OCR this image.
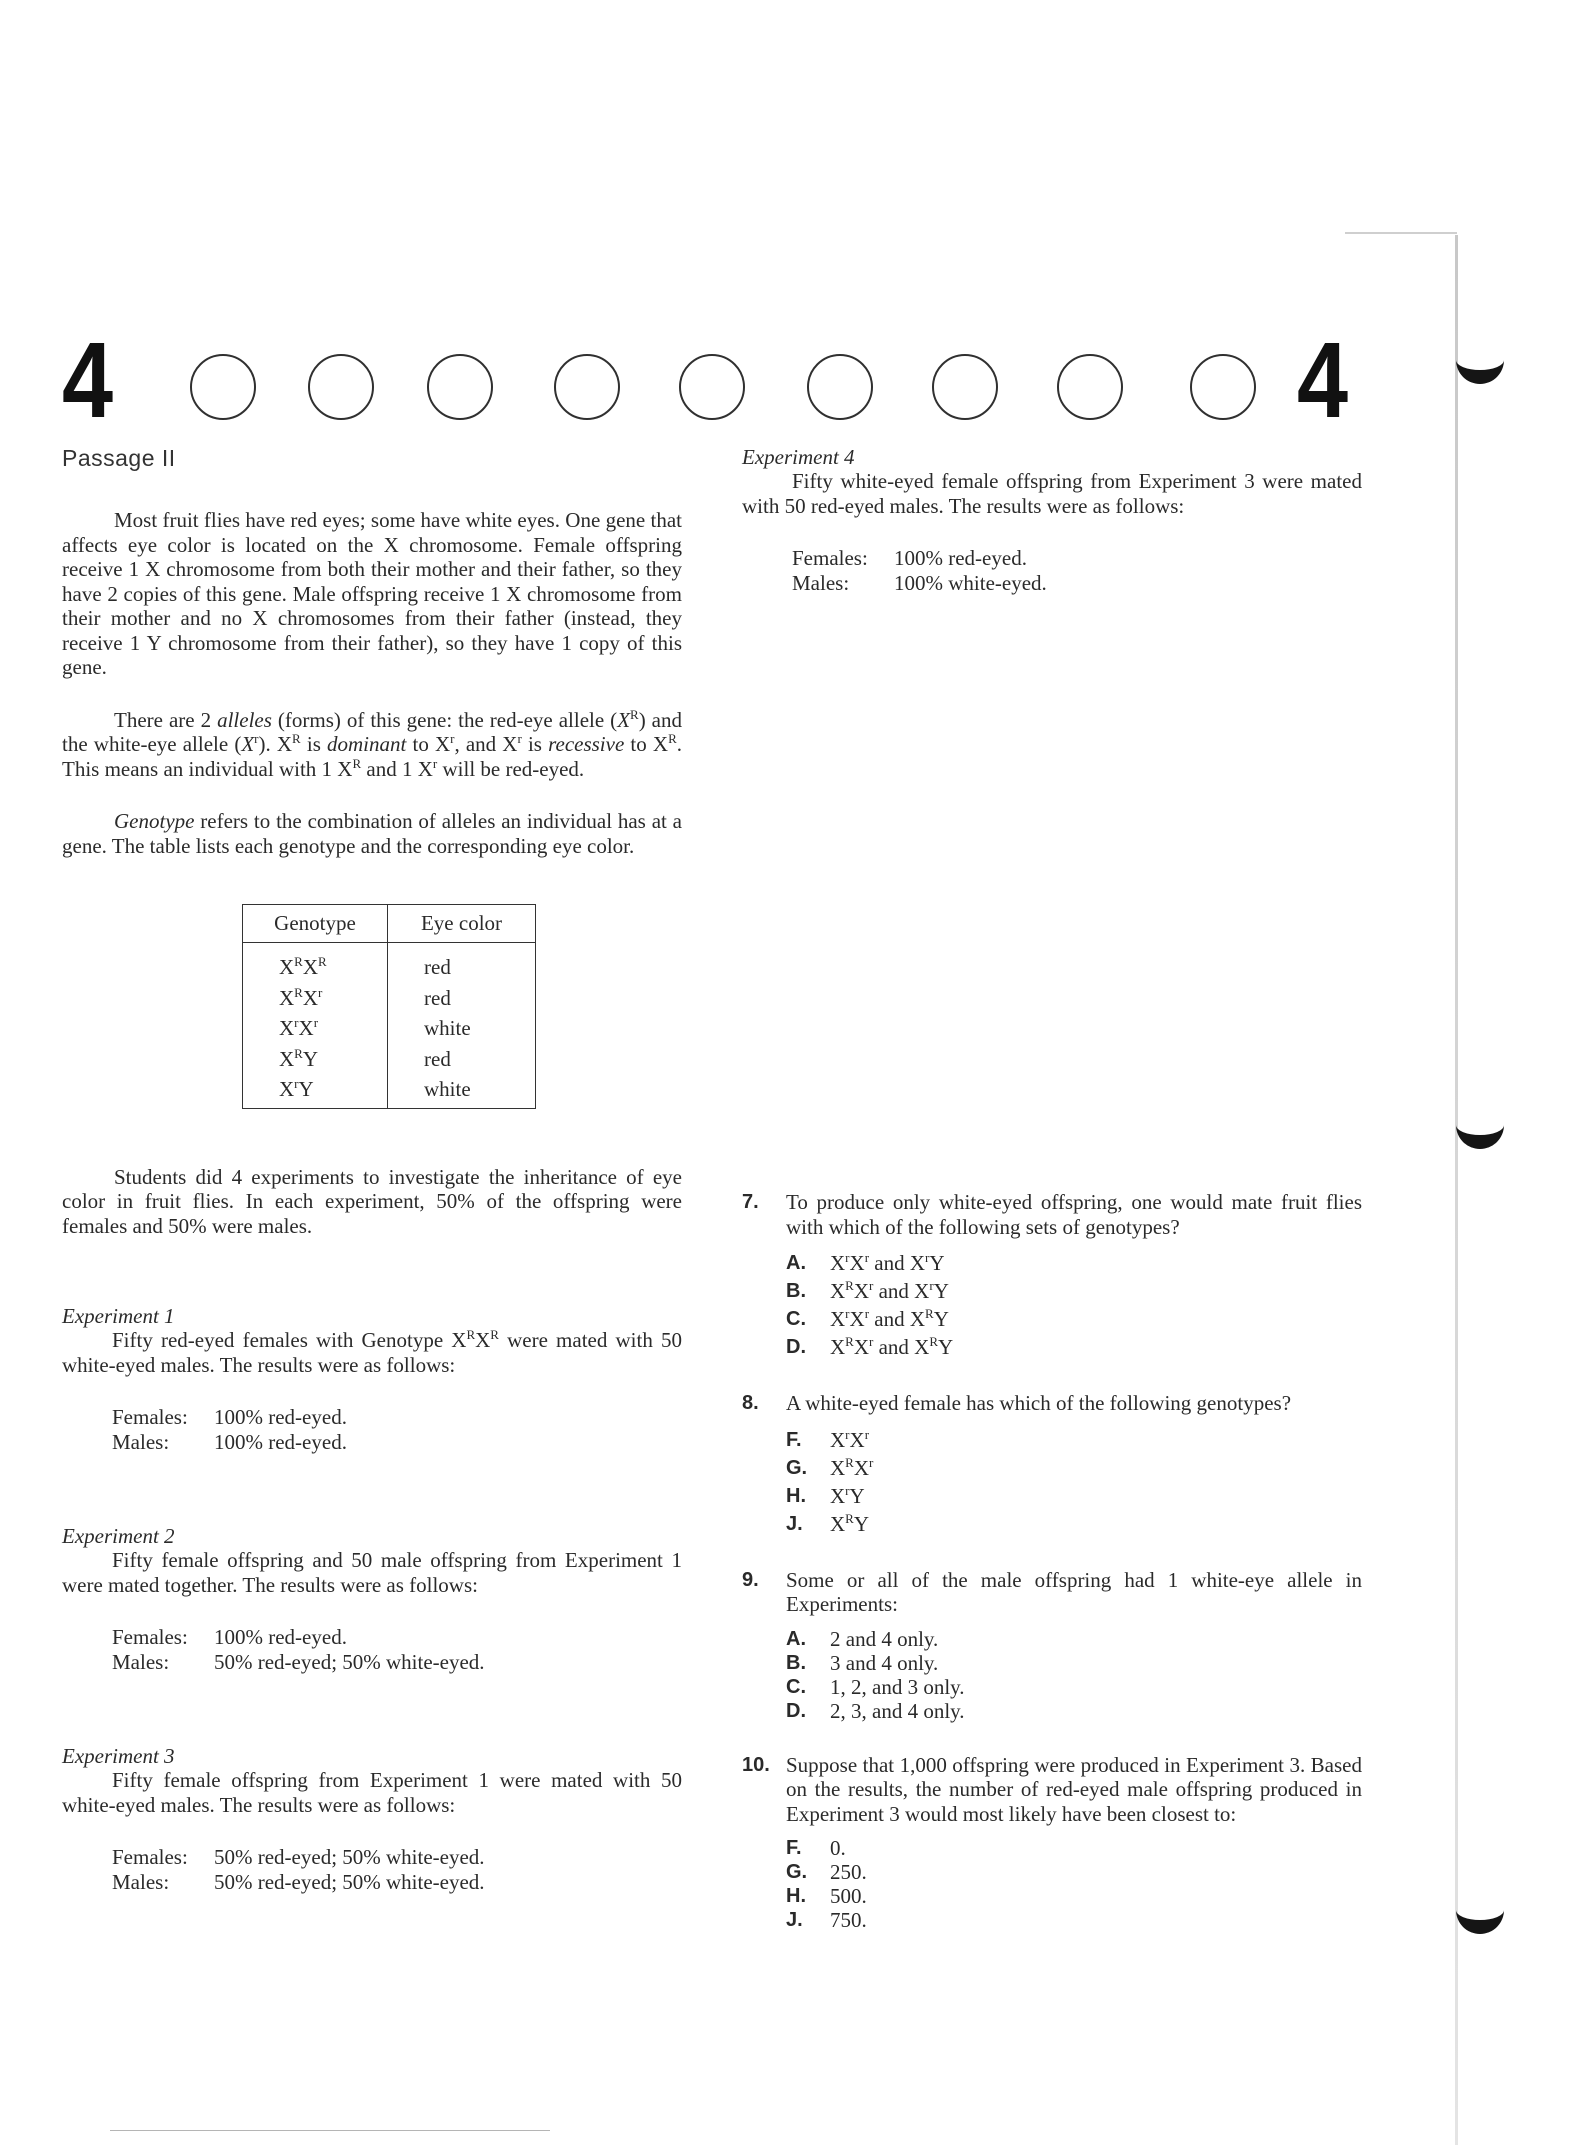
4	4
Passage II

Most fruit flies have red eyes; some have white eyes. One gene that affects eye color is located on the X chromosome. Female offspring receive 1 X chromosome from both their mother and their father, so they have 2 copies of this gene. Male offspring receive 1 X chromosome from their mother and no X chromosomes from their father (instead, they receive 1 Y chromosome from their father), so they have 1 copy of this gene.

There are 2 alleles (forms) of this gene: the red-eye allele $(X^R)$ and the white-eye allele $(X^r)$. $X^R$ is dominant to $X^r$, and $X^r$ is recessive to $X^R$. This means an individual with 1 $X^R$ and 1 $X^r$ will be red-eyed.

Genotype refers to the combination of alleles an individual has at a gene. The table lists each genotype and the corresponding eye color.

Genotype	Eye color
$X^RX^R$	red
$X^RX^r$	red
$X^rX^r$	white
$X^RY$	red
$X^rY$	white

Students did 4 experiments to investigate the inheritance of eye color in fruit flies. In each experiment, 50% of the offspring were females and 50% were males.

Experiment 1

Fifty red-eyed females with Genotype $X^RX^R$ were mated with 50 white-eyed males. The results were as follows:

Females: 100% red-eyed.
Males: 100% red-eyed.
Experiment 2

Fifty female offspring and 50 male offspring from Experiment 1 were mated together. The results were as follows:

Females: 100% red-eyed.
Males: 50% red-eyed; 50% white-eyed.
Experiment 3

Fifty female offspring from Experiment 1 were mated with 50 white-eyed males. The results were as follows:

Females: 50% red-eyed; 50% white-eyed.
Males: 50% red-eyed; 50% white-eyed.
Experiment 4

Fifty white-eyed female offspring from Experiment 3 were mated with 50 red-eyed males. The results were as follows:

Females: 100% red-eyed.
Males: 100% white-eyed.
7. To produce only white-eyed offspring, one would mate fruit flies with which of the following sets of genotypes?
A. $X^rX^r$ and $X^rY$
B. $X^RX^r$ and $X^rY$
C. $X^rX^r$ and $X^RY$
D. $X^RX^r$ and $X^RY$
8. A white-eyed female has which of the following genotypes?
F. $X^rX^r$
G. $X^RX^r$
H. $X^rY$
J. $X^RY$
9. Some or all of the male offspring had 1 white-eye allele in Experiments:
A. 2 and 4 only.
B. 3 and 4 only.
C. 1, 2, and 3 only.
D. 2, 3, and 4 only.
10. Suppose that 1,000 offspring were produced in Experiment 3. Based on the results, the number of red-eyed male offspring produced in Experiment 3 would most likely have been closest to:
F. 0.
G. 250.
H. 500.
J. 750.
